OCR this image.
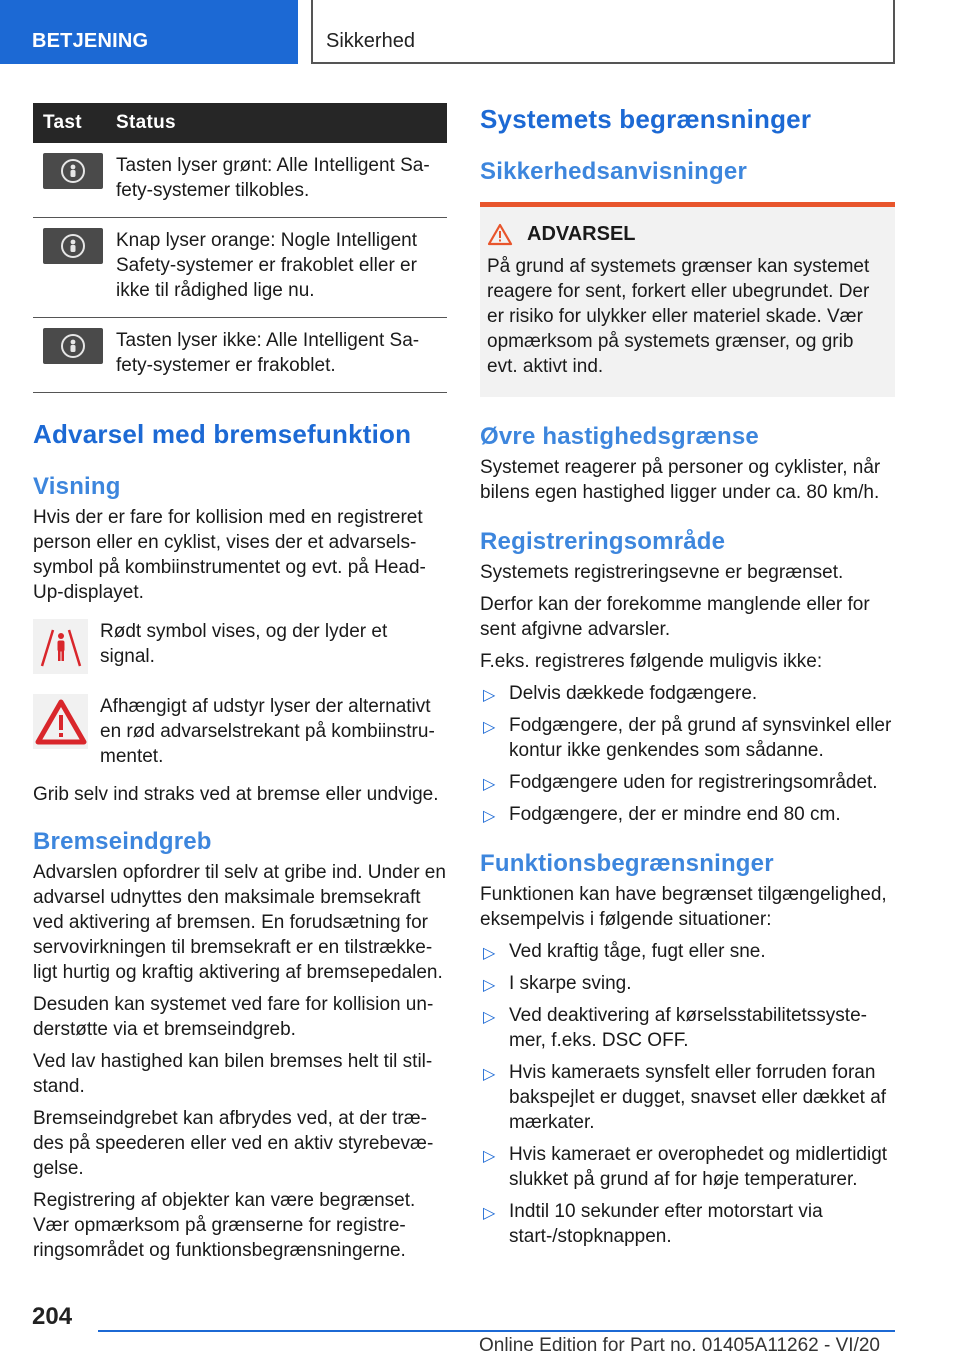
BETJENING	Sikkerhed
Tast	Status

	Tasten lyser grønt: Alle Intelligent Safety-systemer tilkobles.

	Knap lyser orange: Nogle Intelligent Safety-systemer er frakoblet eller er ikke til rådighed lige nu.

	Tasten lyser ikke: Alle Intelligent Safety-systemer er frakoblet.
Advarsel med bremsefunktion
Visning

Hvis der er fare for kollision med en registreret person eller en cyklist, vises der et advarselssymbol på kombiinstrumentet og evt. på Head-Up-displayet.

Rødt symbol vises, og der lyder et signal.

Afhængigt af udstyr lyser der alternativt en rød advarselstrekant på kombiinstrumentet.

Grib selv ind straks ved at bremse eller undvige.

Bremseindgreb

Advarslen opfordrer til selv at gribe ind. Under en advarsel udnyttes den maksimale bremsekraft ved aktivering af bremsen. En forudsætning for servovirkningen til bremsekraft er en tilstrækkeligt hurtig og kraftig aktivering af bremsepedalen.

Desuden kan systemet ved fare for kollision understøtte via et bremseindgreb.

Ved lav hastighed kan bilen bremses helt til stilstand.

Bremseindgrebet kan afbrydes ved, at der trædes på speederen eller ved en aktiv styrebevægelse.

Registrering af objekter kan være begrænset. Vær opmærksom på grænserne for registreringsområdet og funktionsbegrænsningerne.

Systemets begrænsninger
Sikkerhedsanvisninger
ADVARSEL

På grund af systemets grænser kan systemet reagere for sent, forkert eller ubegrundet. Der er risiko for ulykker eller materiel skade. Vær opmærksom på systemets grænser, og grib evt. aktivt ind.

Øvre hastighedsgrænse

Systemet reagerer på personer og cyklister, når bilens egen hastighed ligger under ca. 80 km/h.

Registreringsområde

Systemets registreringsevne er begrænset.

Derfor kan der forekomme manglende eller for sent afgivne advarsler.

F.eks. registreres følgende muligvis ikke:

▷ Delvis dækkede fodgængere.
▷ Fodgængere, der på grund af synsvinkel eller kontur ikke genkendes som sådanne.
▷ Fodgængere uden for registreringsområdet.
▷ Fodgængere, der er mindre end 80 cm.
Funktionsbegrænsninger

Funktionen kan have begrænset tilgængelighed, eksempelvis i følgende situationer:

▷ Ved kraftig tåge, fugt eller sne.
▷ I skarpe sving.
▷ Ved deaktivering af kørselsstabilitetssystemer, f.eks. DSC OFF.
▷ Hvis kameraets synsfelt eller forruden foran bakspejlet er dugget, snavset eller dækket af mærkater.
▷ Hvis kameraet er overophedet og midlertidigt slukket på grund af for høje temperaturer.
▷ Indtil 10 sekunder efter motorstart via start-/stopknappen.
204
Online Edition for Part no. 01405A11262 - VI/20
